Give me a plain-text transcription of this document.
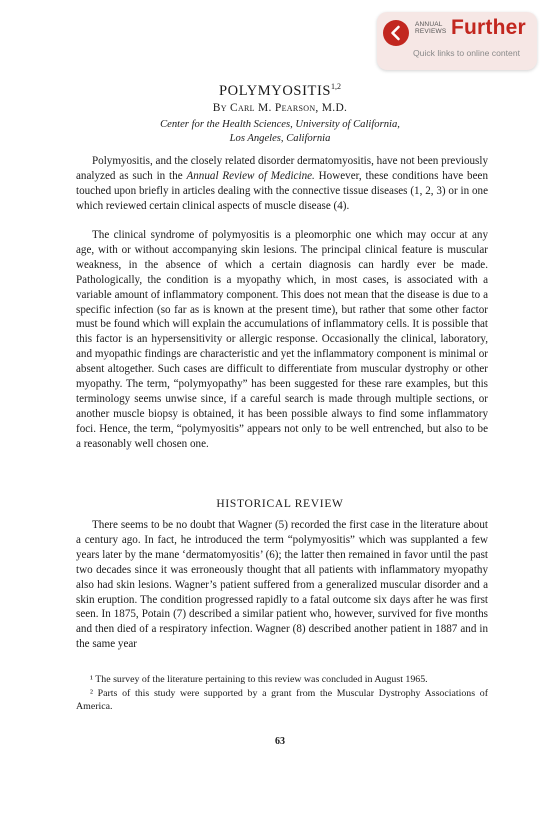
ANNUAL
REVIEWS Further
Quick links to online content
POLYMYOSITIS$^{1,2}$
By Carl M. Pearson, M.D.
Center for the Health Sciences, University of California,
Los Angeles, California

Polymyositis, and the closely related disorder dermatomyositis, have not been previously analyzed as such in the Annual Review of Medicine. However, these conditions have been touched upon briefly in articles dealing with the connective tissue diseases (1, 2, 3) or in one which reviewed certain clinical aspects of muscle disease (4).

The clinical syndrome of polymyositis is a pleomorphic one which may occur at any age, with or without accompanying skin lesions. The principal clinical feature is muscular weakness, in the absence of which a certain diagnosis can hardly ever be made. Pathologically, the condition is a myopathy which, in most cases, is associated with a variable amount of inflammatory component. This does not mean that the disease is due to a specific infection (so far as is known at the present time), but rather that some other factor must be found which will explain the accumulations of inflammatory cells. It is possible that this factor is an hypersensitivity or allergic response. Occasionally the clinical, laboratory, and myopathic findings are characteristic and yet the inflammatory component is minimal or absent altogether. Such cases are difficult to differentiate from muscular dystrophy or other myopathy. The term, “polymyopathy” has been suggested for these rare examples, but this terminology seems unwise since, if a careful search is made through multiple sections, or another muscle biopsy is obtained, it has been possible always to find some inflammatory foci. Hence, the term, “polymyositis” appears not only to be well entrenched, but also to be a reasonably well chosen one.

HISTORICAL REVIEW

There seems to be no doubt that Wagner (5) recorded the first case in the literature about a century ago. In fact, he introduced the term “polymyositis” which was supplanted a few years later by the mane ‘dermatomyositis’ (6); the latter then remained in favor until the past two decades since it was erroneously thought that all patients with inflammatory myopathy also had skin lesions. Wagner’s patient suffered from a generalized muscular disorder and a skin eruption. The condition progressed rapidly to a fatal outcome six days after he was first seen. In 1875, Potain (7) described a similar patient who, however, survived for five months and then died of a respiratory infection. Wagner (8) described another patient in 1887 and in the same year

¹ The survey of the literature pertaining to this review was concluded in August 1965.

² Parts of this study were supported by a grant from the Muscular Dystrophy Associations of America.

63
